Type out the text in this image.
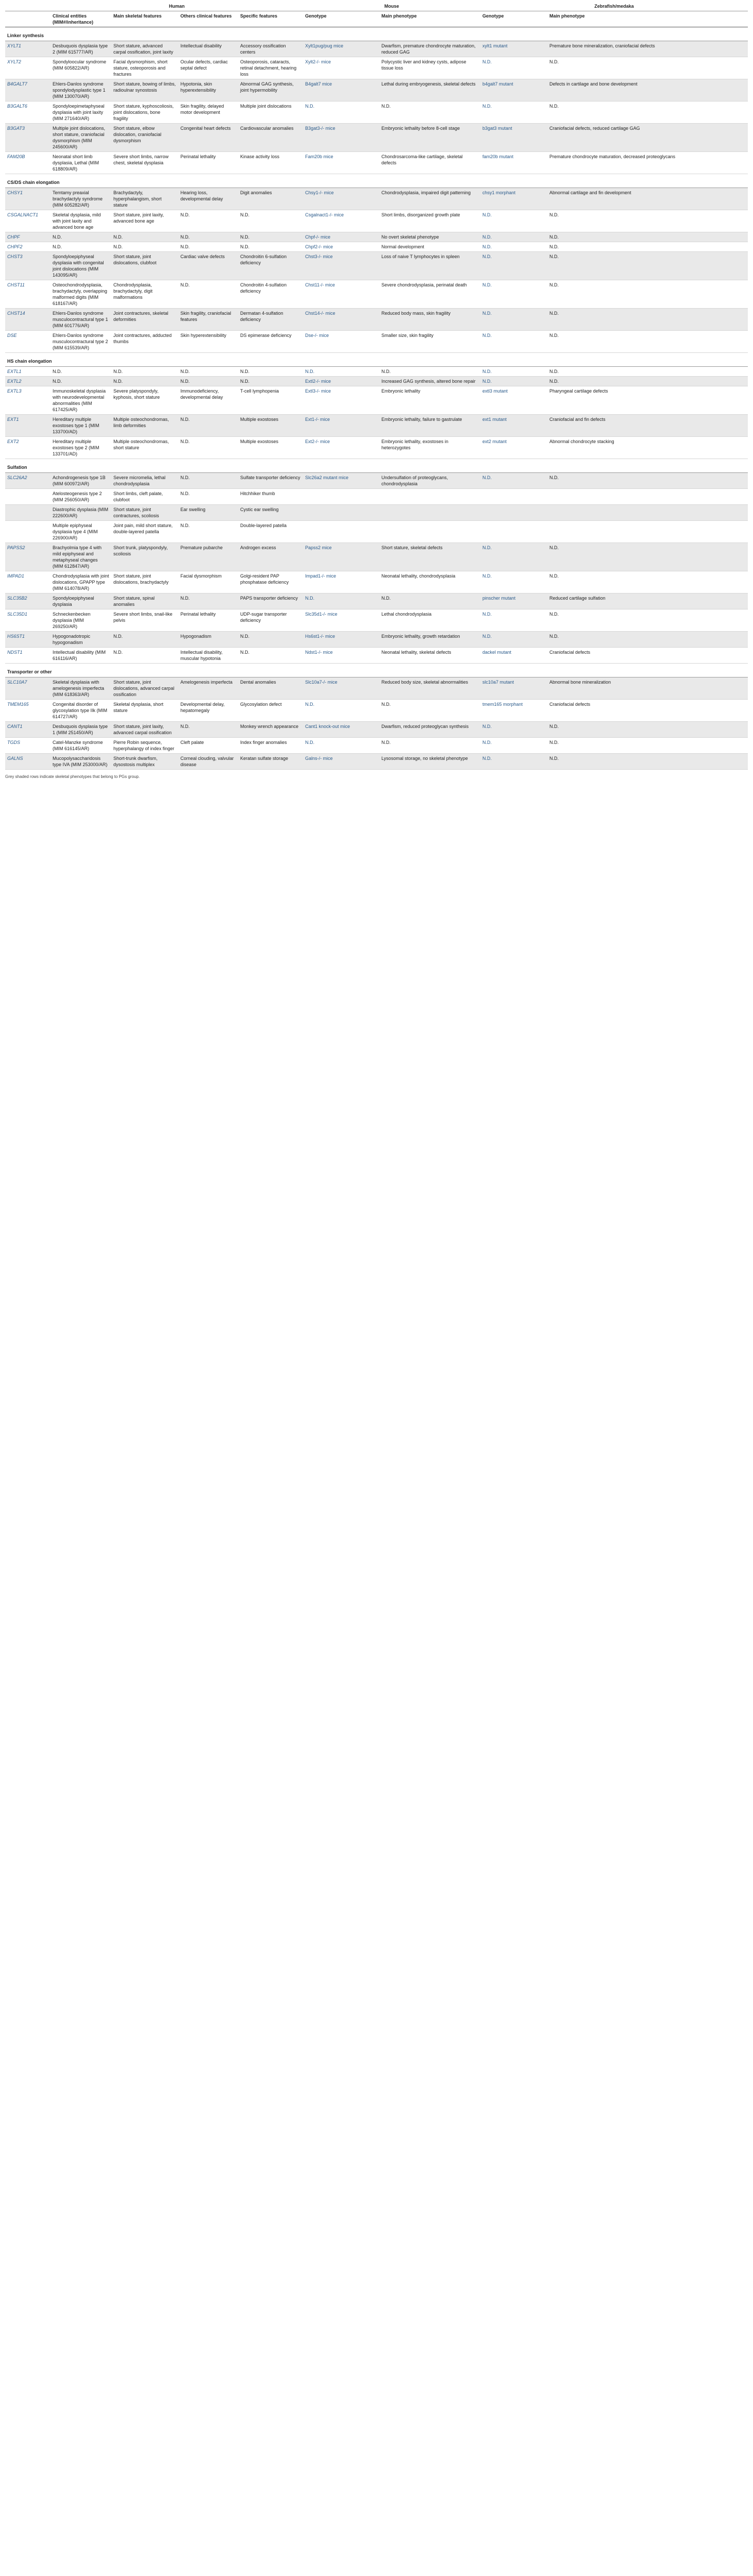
	Human				Mouse		Zebrafish/medaka	
	Clinical entities (MIM#/inheritance)	Main skeletal features	Others clinical features	Specific features	Genotype	Main phenotype	Genotype	Main phenotype
Linker synthesis								
XYLT1	Desbuquois dysplasia type 2 (MIM 615777/AR)	Short stature, advanced carpal ossification, joint laxity	Intellectual disability	Accessory ossification centers	Xylt1pug/pug mice	Dwarfism, premature chondrocyte maturation, reduced GAG	xylt1 mutant	Premature bone mineralization, craniofacial defects
XYLT2	Spondyloocular syndrome (MIM 605822/AR)	Facial dysmorphism, short stature, osteoporosis and fractures	Ocular defects, cardiac septal defect	Osteoporosis, cataracts, retinal detachment, hearing loss	Xylt2-/- mice	Polycystic liver and kidney cysts, adipose tissue loss	N.D.	N.D.
B4GALT7	Ehlers-Danlos syndrome spondylodysplastic type 1 (MIM 130070/AR)	Short stature, bowing of limbs, radioulnar synostosis	Hypotonia, skin hyperextensibility	Abnormal GAG synthesis, joint hypermobility	B4galt7 mice	Lethal during embryogenesis, skeletal defects	b4galt7 mutant	Defects in cartilage and bone development
B3GALT6	Spondyloepimetaphyseal dysplasia with joint laxity (MIM 271640/AR)	Short stature, kyphoscoliosis, joint dislocations, bone fragility	Skin fragility, delayed motor development	Multiple joint dislocations	N.D.	N.D.	N.D.	N.D.
B3GAT3	Multiple joint dislocations, short stature, craniofacial dysmorphism (MIM 245600/AR)	Short stature, elbow dislocation, craniofacial dysmorphism	Congenital heart defects	Cardiovascular anomalies	B3gat3-/- mice	Embryonic lethality before 8-cell stage	b3gat3 mutant	Craniofacial defects, reduced cartilage GAG
FAM20B	Neonatal short limb dysplasia, Lethal (MIM 618809/AR)	Severe short limbs, narrow chest, skeletal dysplasia	Perinatal lethality	Kinase activity loss	Fam20b mice	Chondrosarcoma-like cartilage, skeletal defects	fam20b mutant	Premature chondrocyte maturation, decreased proteoglycans
CS/DS chain elongation								
CHSY1	Temtamy preaxial brachydactyly syndrome (MIM 605282/AR)	Brachydactyly, hyperphalangism, short stature	Hearing loss, developmental delay	Digit anomalies	Chsy1-/- mice	Chondrodysplasia, impaired digit patterning	chsy1 morphant	Abnormal cartilage and fin development
CSGALNACT1	Skeletal dysplasia, mild with joint laxity and advanced bone age	Short stature, joint laxity, advanced bone age	N.D.	N.D.	Csgalnact1-/- mice	Short limbs, disorganized growth plate	N.D.	N.D.
CHPF	N.D.	N.D.	N.D.	N.D.	Chpf-/- mice	No overt skeletal phenotype	N.D.	N.D.
CHPF2	N.D.	N.D.	N.D.	N.D.	Chpf2-/- mice	Normal development	N.D.	N.D.
CHST3	Spondyloepiphyseal dysplasia with congenital joint dislocations (MIM 143095/AR)	Short stature, joint dislocations, clubfoot	Cardiac valve defects	Chondroitin 6-sulfation deficiency	Chst3-/- mice	Loss of naive T lymphocytes in spleen	N.D.	N.D.
CHST11	Osteochondrodysplasia, brachydactyly, overlapping malformed digits (MIM 618167/AR)	Chondrodysplasia, brachydactyly, digit malformations	N.D.	Chondroitin 4-sulfation deficiency	Chst11-/- mice	Severe chondrodysplasia, perinatal death	N.D.	N.D.
CHST14	Ehlers-Danlos syndrome musculocontractural type 1 (MIM 601776/AR)	Joint contractures, skeletal deformities	Skin fragility, craniofacial features	Dermatan 4-sulfation deficiency	Chst14-/- mice	Reduced body mass, skin fragility	N.D.	N.D.
DSE	Ehlers-Danlos syndrome musculocontractural type 2 (MIM 615539/AR)	Joint contractures, adducted thumbs	Skin hyperextensibility	DS epimerase deficiency	Dse-/- mice	Smaller size, skin fragility	N.D.	N.D.
HS chain elongation								
EXTL1	N.D.	N.D.	N.D.	N.D.	N.D.	N.D.	N.D.	N.D.
EXTL2	N.D.	N.D.	N.D.	N.D.	Extl2-/- mice	Increased GAG synthesis, altered bone repair	N.D.	N.D.
EXTL3	Immunoskeletal dysplasia with neurodevelopmental abnormalities (MIM 617425/AR)	Severe platyspondyly, kyphosis, short stature	Immunodeficiency, developmental delay	T-cell lymphopenia	Extl3-/- mice	Embryonic lethality	extl3 mutant	Pharyngeal cartilage defects
EXT1	Hereditary multiple exostoses type 1 (MIM 133700/AD)	Multiple osteochondromas, limb deformities	N.D.	Multiple exostoses	Ext1-/- mice	Embryonic lethality, failure to gastrulate	ext1 mutant	Craniofacial and fin defects
EXT2	Hereditary multiple exostoses type 2 (MIM 133701/AD)	Multiple osteochondromas, short stature	N.D.	Multiple exostoses	Ext2-/- mice	Embryonic lethality, exostoses in heterozygotes	ext2 mutant	Abnormal chondrocyte stacking
Sulfation								
SLC26A2	Achondrogenesis type 1B (MIM 600972/AR)	Severe micromelia, lethal chondrodysplasia	N.D.	Sulfate transporter deficiency	Slc26a2 mutant mice	Undersulfation of proteoglycans, chondrodysplasia	N.D.	N.D.
	Atelosteogenesis type 2 (MIM 256050/AR)	Short limbs, cleft palate, clubfoot	N.D.	Hitchhiker thumb				
	Diastrophic dysplasia (MIM 222600/AR)	Short stature, joint contractures, scoliosis	Ear swelling	Cystic ear swelling				
	Multiple epiphyseal dysplasia type 4 (MIM 226900/AR)	Joint pain, mild short stature, double-layered patella	N.D.	Double-layered patella				
PAPSS2	Brachyolmia type 4 with mild epiphyseal and metaphyseal changes (MIM 612847/AR)	Short trunk, platyspondyly, scoliosis	Premature pubarche	Androgen excess	Papss2 mice	Short stature, skeletal defects	N.D.	N.D.
IMPAD1	Chondrodysplasia with joint dislocations, GPAPP type (MIM 614078/AR)	Short stature, joint dislocations, brachydactyly	Facial dysmorphism	Golgi-resident PAP phosphatase deficiency	Impad1-/- mice	Neonatal lethality, chondrodysplasia	N.D.	N.D.
SLC35B2	Spondyloepiphyseal dysplasia	Short stature, spinal anomalies	N.D.	PAPS transporter deficiency	N.D.	N.D.	pinscher mutant	Reduced cartilage sulfation
SLC35D1	Schneckenbecken dysplasia (MIM 269250/AR)	Severe short limbs, snail-like pelvis	Perinatal lethality	UDP-sugar transporter deficiency	Slc35d1-/- mice	Lethal chondrodysplasia	N.D.	N.D.
HS6ST1	Hypogonadotropic hypogonadism	N.D.	Hypogonadism	N.D.	Hs6st1-/- mice	Embryonic lethality, growth retardation	N.D.	N.D.
NDST1	Intellectual disability (MIM 616116/AR)	N.D.	Intellectual disability, muscular hypotonia	N.D.	Ndst1-/- mice	Neonatal lethality, skeletal defects	dackel mutant	Craniofacial defects
Transporter or other								
SLC10A7	Skeletal dysplasia with amelogenesis imperfecta (MIM 618363/AR)	Short stature, joint dislocations, advanced carpal ossification	Amelogenesis imperfecta	Dental anomalies	Slc10a7-/- mice	Reduced body size, skeletal abnormalities	slc10a7 mutant	Abnormal bone mineralization
TMEM165	Congenital disorder of glycosylation type IIk (MIM 614727/AR)	Skeletal dysplasia, short stature	Developmental delay, hepatomegaly	Glycosylation defect	N.D.	N.D.	tmem165 morphant	Craniofacial defects
CANT1	Desbuquois dysplasia type 1 (MIM 251450/AR)	Short stature, joint laxity, advanced carpal ossification	N.D.	Monkey wrench appearance	Cant1 knock-out mice	Dwarfism, reduced proteoglycan synthesis	N.D.	N.D.
TGDS	Catel-Manzke syndrome (MIM 616145/AR)	Pierre Robin sequence, hyperphalangy of index finger	Cleft palate	Index finger anomalies	N.D.	N.D.	N.D.	N.D.
GALNS	Mucopolysaccharidosis type IVA (MIM 253000/AR)	Short-trunk dwarfism, dysostosis multiplex	Corneal clouding, valvular disease	Keratan sulfate storage	Galns-/- mice	Lysosomal storage, no skeletal phenotype	N.D.	N.D.
Grey shaded rows indicate skeletal phenotypes that belong to PGs group.
